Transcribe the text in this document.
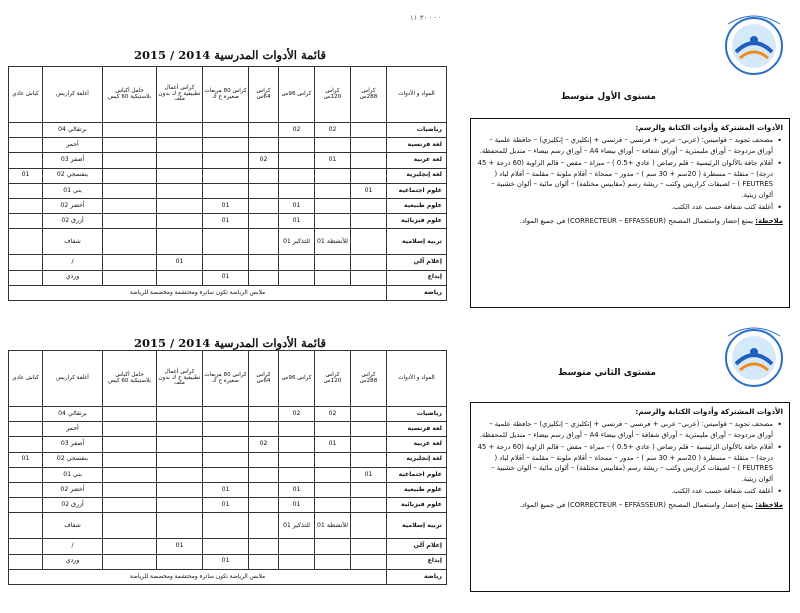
٣٠ ١١ · · ·
قائمة الأدوات المدرسية 2014 / 2015
كباش عادي	أغلفة كراريس	حامل أكياس بلاستيكية 60 كيس	كراس أعمال تطبيقية ح ك بدون ملف	كراس 80 مربعات صغيرة ح ك	كراس 64س	كراس 96س	كراس 120س	كراس 288س	المواد و الأدوات
	04 برتقالي					02	02		رياضيات
	أحمر								لغة فرنسية
	03 أصفر				02		01		لغة عربية
01	02 بنفسجي								لغة إنجليزية
	01 بني							01	علوم اجتماعية
	02 أخضر			01		01			علوم طبيعية
	02 أزرق			01		01			علوم فيزيائية
	شفاف					01 للتذكير	01 للأنشطة		تربية إسلامية
	/		01						إعلام آلي
	وردي			01					إبداع
ملابس الرياضة تكون ساترة ومحتشمة ومخصصة للرياضة									رياضة
مستوى الأول متوسط
الأدوات المشتركة وأدوات الكتابة والرسم:
• مصحف تجويد – قواميس: (عربي– عربي + فرنسي – فرنسي + إنكليزي – إنكليزي) – حافظة علمية – أوراق مزدوجة – أوراق مليمترية – أوراق شفافة – أوراق بيضاء A4 – أوراق رسم بيضاء – منديل للمحفظة.
• أقلام جافة بالألوان الرئيسية – قلم رصاص ( عادي +0.5 ) – مبراة – مقص – قالم الزاوية (60 درجة + 45 درجة) – منقلة – مسطرة ( 20سم + 30 سم ) – مدور – ممحاة – أقلام ملونة – مقلمة – أقلام لباد ( FEUTRES ) – لصيقات كراريس وكتب – ريشة رسم (مقاييس مختلفة) – ألوان مائية – ألوان خشبية – ألوان زيتية.
• أغلفة كتب شفافة حسب عدد الكتب.
ملاحظة: يمنع إحضار واستعمال المصحح (CORRECTEUR – EFFASSEUR) في جميع المواد.
قائمة الأدوات المدرسية 2014 / 2015
كباش عادي	أغلفة كراريس	حامل أكياس بلاستيكية 60 كيس	كراس أعمال تطبيقية ح ك بدون ملف	كراس 80 مربعات صغيرة ح ك	كراس 64س	كراس 96س	كراس 120س	كراس 288س	المواد و الأدوات
	04 برتقالي					02	02		رياضيات
	أحمر								لغة فرنسية
	03 أصفر				02		01		لغة عربية
01	02 بنفسجي								لغة إنجليزية
	01 بني							01	علوم اجتماعية
	02 أخضر			01		01			علوم طبيعية
	02 أزرق			01		01			علوم فيزيائية
	شفاف					01 للتذكير	01 للأنشطة		تربية إسلامية
	/		01						إعلام آلي
	وردي			01					إبداع
ملابس الرياضة تكون ساترة ومحتشمة ومخصصة للرياضة									رياضة
مستوى الثاني متوسط
الأدوات المشتركة وأدوات الكتابة والرسم:
• مصحف تجويد – قواميس: (عربي– عربي + فرنسي – فرنسي + إنكليزي – إنكليزي) – حافظة علمية – أوراق مزدوجة – أوراق مليمترية – أوراق شفافة – أوراق بيضاء A4 – أوراق رسم بيضاء – منديل للمحفظة.
• أقلام جافة بالألوان الرئيسية – قلم رصاص ( عادي +0.5 ) – مبراة – مقص – قالم الزاوية (60 درجة + 45 درجة) – منقلة – مسطرة ( 20سم + 30 سم ) – مدور – ممحاة – أقلام ملونة – مقلمة – أقلام لباد ( FEUTRES ) – لصيقات كراريس وكتب – ريشة رسم (مقاييس مختلفة) – ألوان مائية – ألوان خشبية – ألوان زيتية.
• أغلفة كتب شفافة حسب عدد الكتب.
ملاحظة: يمنع إحضار واستعمال المصحح (CORRECTEUR – EFFASSEUR) في جميع المواد.
